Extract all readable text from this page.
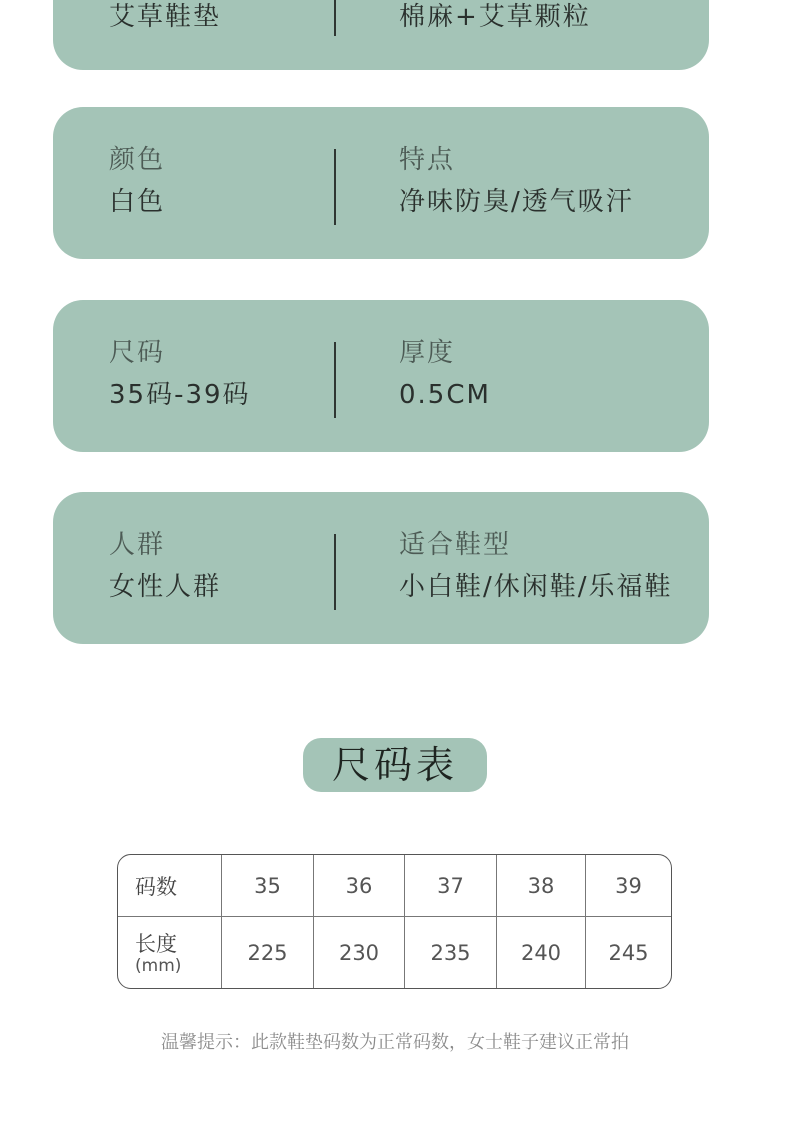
艾草鞋垫	棉麻+艾草颗粒
颜色
白色
特点
净味防臭/透气吸汗
尺码
35码-39码
厚度
0.5CM
人群
女性人群
适合鞋型
小白鞋/休闲鞋/乐福鞋
尺码表
码数	35	36	37	38	39
长度
(mm)
225	230	235	240	245
温馨提示：此款鞋垫码数为正常码数，女士鞋子建议正常拍
